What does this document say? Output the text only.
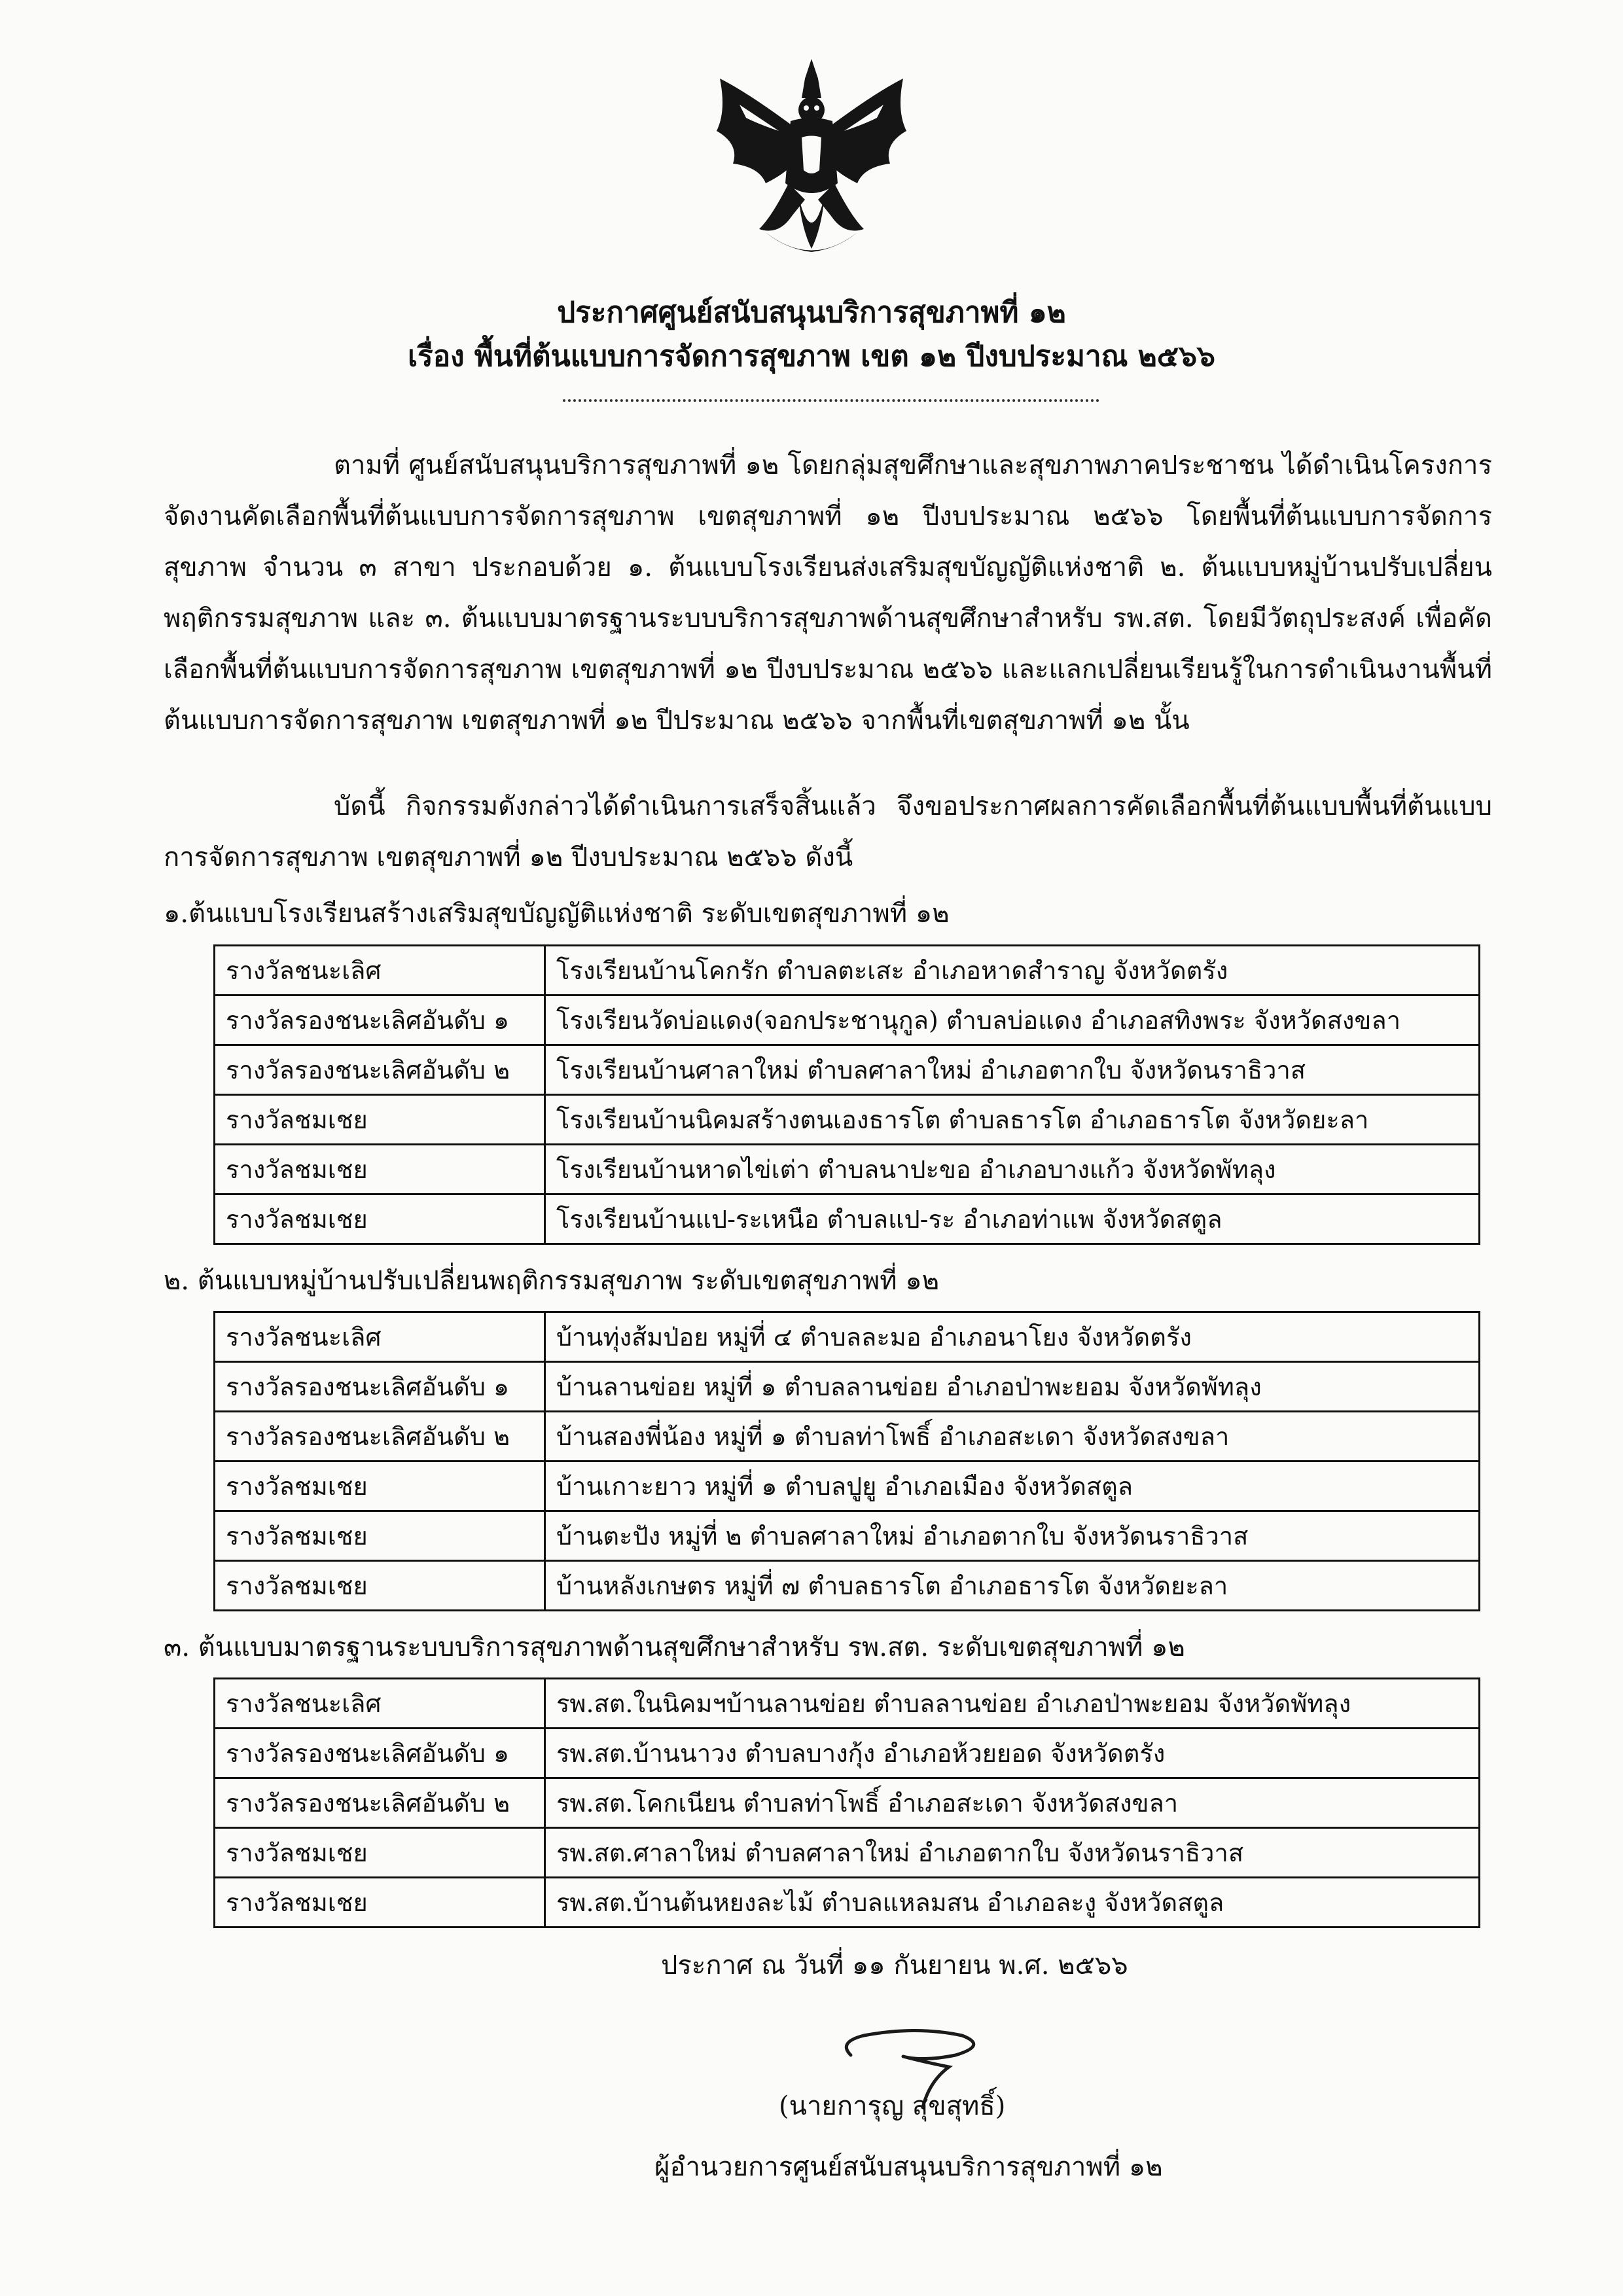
ประกาศศูนย์สนับสนุนบริการสุขภาพที่ ๑๒
เรื่อง พื้นที่ต้นแบบการจัดการสุขภาพ เขต ๑๒ ปีงบประมาณ ๒๕๖๖

ตามที่ ศูนย์สนับสนุนบริการสุขภาพที่ ๑๒ โดยกลุ่มสุขศึกษาและสุขภาพภาคประชาชน ได้ดำเนินโครงการจัดงานคัดเลือกพื้นที่ต้นแบบการจัดการสุขภาพ เขตสุขภาพที่ ๑๒ ปีงบประมาณ ๒๕๖๖ โดยพื้นที่ต้นแบบการจัดการสุขภาพ จำนวน ๓ สาขา ประกอบด้วย ๑. ต้นแบบโรงเรียนส่งเสริมสุขบัญญัติแห่งชาติ ๒. ต้นแบบหมู่บ้านปรับเปลี่ยนพฤติกรรมสุขภาพ และ ๓. ต้นแบบมาตรฐานระบบบริการสุขภาพด้านสุขศึกษาสำหรับ รพ.สต. โดยมีวัตถุประสงค์ เพื่อคัดเลือกพื้นที่ต้นแบบการจัดการสุขภาพ เขตสุขภาพที่ ๑๒ ปีงบประมาณ ๒๕๖๖ และแลกเปลี่ยนเรียนรู้ในการดำเนินงานพื้นที่ต้นแบบการจัดการสุขภาพ เขตสุขภาพที่ ๑๒ ปีประมาณ ๒๕๖๖ จากพื้นที่เขตสุขภาพที่ ๑๒ นั้น

บัดนี้ กิจกรรมดังกล่าวได้ดำเนินการเสร็จสิ้นแล้ว จึงขอประกาศผลการคัดเลือกพื้นที่ต้นแบบพื้นที่ต้นแบบการจัดการสุขภาพ เขตสุขภาพที่ ๑๒ ปีงบประมาณ ๒๕๖๖ ดังนี้

๑.ต้นแบบโรงเรียนสร้างเสริมสุขบัญญัติแห่งชาติ ระดับเขตสุขภาพที่ ๑๒
รางวัลชนะเลิศ	โรงเรียนบ้านโคกรัก ตำบลตะเสะ อำเภอหาดสำราญ จังหวัดตรัง
รางวัลรองชนะเลิศอันดับ ๑	โรงเรียนวัดบ่อแดง(จอกประชานุกูล) ตำบลบ่อแดง อำเภอสทิงพระ จังหวัดสงขลา
รางวัลรองชนะเลิศอันดับ ๒	โรงเรียนบ้านศาลาใหม่ ตำบลศาลาใหม่ อำเภอตากใบ จังหวัดนราธิวาส
รางวัลชมเชย	โรงเรียนบ้านนิคมสร้างตนเองธารโต ตำบลธารโต อำเภอธารโต จังหวัดยะลา
รางวัลชมเชย	โรงเรียนบ้านหาดไข่เต่า ตำบลนาปะขอ อำเภอบางแก้ว จังหวัดพัทลุง
รางวัลชมเชย	โรงเรียนบ้านแป-ระเหนือ ตำบลแป-ระ อำเภอท่าแพ จังหวัดสตูล
๒. ต้นแบบหมู่บ้านปรับเปลี่ยนพฤติกรรมสุขภาพ ระดับเขตสุขภาพที่ ๑๒
รางวัลชนะเลิศ	บ้านทุ่งส้มป่อย หมู่ที่ ๔ ตำบลละมอ อำเภอนาโยง จังหวัดตรัง
รางวัลรองชนะเลิศอันดับ ๑	บ้านลานข่อย หมู่ที่ ๑ ตำบลลานข่อย อำเภอป่าพะยอม จังหวัดพัทลุง
รางวัลรองชนะเลิศอันดับ ๒	บ้านสองพี่น้อง หมู่ที่ ๑ ตำบลท่าโพธิ์ อำเภอสะเดา จังหวัดสงขลา
รางวัลชมเชย	บ้านเกาะยาว หมู่ที่ ๑ ตำบลปูยู อำเภอเมือง จังหวัดสตูล
รางวัลชมเชย	บ้านตะปัง หมู่ที่ ๒ ตำบลศาลาใหม่ อำเภอตากใบ จังหวัดนราธิวาส
รางวัลชมเชย	บ้านหลังเกษตร หมู่ที่ ๗ ตำบลธารโต อำเภอธารโต จังหวัดยะลา
๓. ต้นแบบมาตรฐานระบบบริการสุขภาพด้านสุขศึกษาสำหรับ รพ.สต. ระดับเขตสุขภาพที่ ๑๒
รางวัลชนะเลิศ	รพ.สต.ในนิคมฯบ้านลานข่อย ตำบลลานข่อย อำเภอป่าพะยอม จังหวัดพัทลุง
รางวัลรองชนะเลิศอันดับ ๑	รพ.สต.บ้านนาวง ตำบลบางกุ้ง อำเภอห้วยยอด จังหวัดตรัง
รางวัลรองชนะเลิศอันดับ ๒	รพ.สต.โคกเนียน ตำบลท่าโพธิ์ อำเภอสะเดา จังหวัดสงขลา
รางวัลชมเชย	รพ.สต.ศาลาใหม่ ตำบลศาลาใหม่ อำเภอตากใบ จังหวัดนราธิวาส
รางวัลชมเชย	รพ.สต.บ้านต้นหยงละไม้ ตำบลแหลมสน อำเภอละงู จังหวัดสตูล
ประกาศ ณ วันที่ ๑๑ กันยายน พ.ศ. ๒๕๖๖
(นายการุญ สุขสุทธิ์)
ผู้อำนวยการศูนย์สนับสนุนบริการสุขภาพที่ ๑๒
